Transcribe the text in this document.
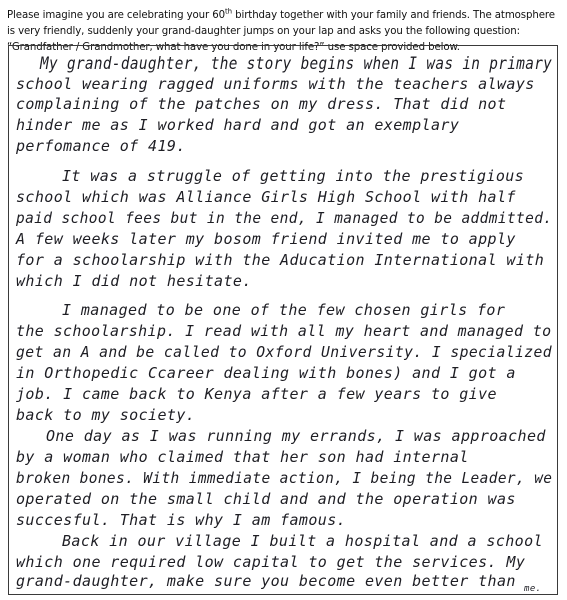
Please imagine you are celebrating your 60th birthday together with your family and friends. The atmosphere is very friendly, suddenly your grand-daughter jumps on your lap and asks you the following question: “Grandfather / Grandmother, what have you done in your life?” use space provided below.
My grand-daughter, the story begins when I was in primary
school wearing ragged uniforms with the teachers always
complaining of the patches on my dress. That did not
hinder me as I worked hard and got an exemplary
perfomance of 419.
It was a struggle of getting into the prestigious
school which was Alliance Girls High School with half
paid school fees but in the end, I managed to be addmitted.
A few weeks later my bosom friend invited me to apply
for a schoolarship with the Aducation International with
which I did not hesitate.
I managed to be one of the few chosen girls for
the schoolarship. I read with all my heart and managed to
get an A and be called to Oxford University. I specialized
in Orthopedic Ccareer dealing with bones) and I got a
job. I came back to Kenya after a few years to give
back to my society.
One day as I was running my errands, I was approached
by a woman who claimed that her son had internal
broken bones. With immediate action, I being the Leader, we
operated on the small child and and the operation was
succesful. That is why I am famous.
Back in our village I built a hospital and a school
which one required low capital to get the services. My
grand-daughter, make sure you become even better than me.
